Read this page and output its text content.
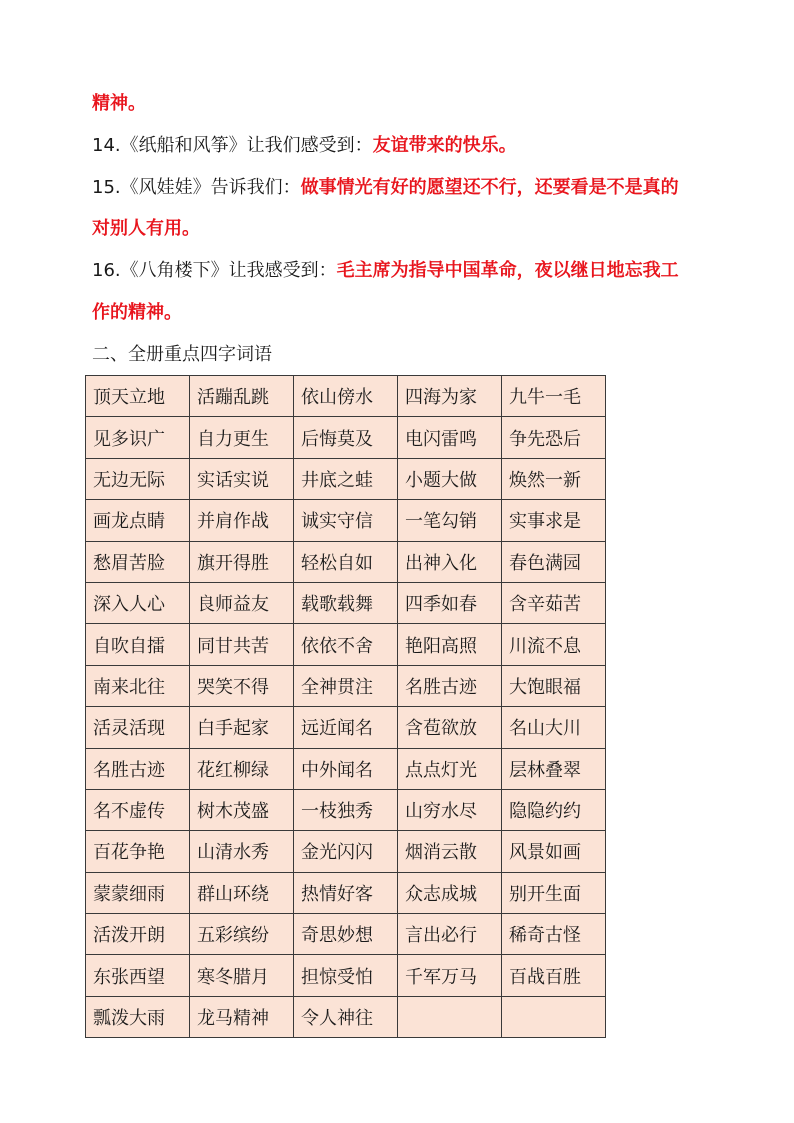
精神。
14.《纸船和风筝》让我们感受到：友谊带来的快乐。
15.《风娃娃》告诉我们：做事情光有好的愿望还不行，还要看是不是真的
对别人有用。
16.《八角楼下》让我感受到：毛主席为指导中国革命，夜以继日地忘我工
作的精神。
二、全册重点四字词语
顶天立地	活蹦乱跳	依山傍水	四海为家	九牛一毛
见多识广	自力更生	后悔莫及	电闪雷鸣	争先恐后
无边无际	实话实说	井底之蛙	小题大做	焕然一新
画龙点睛	并肩作战	诚实守信	一笔勾销	实事求是
愁眉苦脸	旗开得胜	轻松自如	出神入化	春色满园
深入人心	良师益友	载歌载舞	四季如春	含辛茹苦
自吹自擂	同甘共苦	依依不舍	艳阳高照	川流不息
南来北往	哭笑不得	全神贯注	名胜古迹	大饱眼福
活灵活现	白手起家	远近闻名	含苞欲放	名山大川
名胜古迹	花红柳绿	中外闻名	点点灯光	层林叠翠
名不虚传	树木茂盛	一枝独秀	山穷水尽	隐隐约约
百花争艳	山清水秀	金光闪闪	烟消云散	风景如画
蒙蒙细雨	群山环绕	热情好客	众志成城	别开生面
活泼开朗	五彩缤纷	奇思妙想	言出必行	稀奇古怪
东张西望	寒冬腊月	担惊受怕	千军万马	百战百胜
瓢泼大雨	龙马精神	令人神往		
